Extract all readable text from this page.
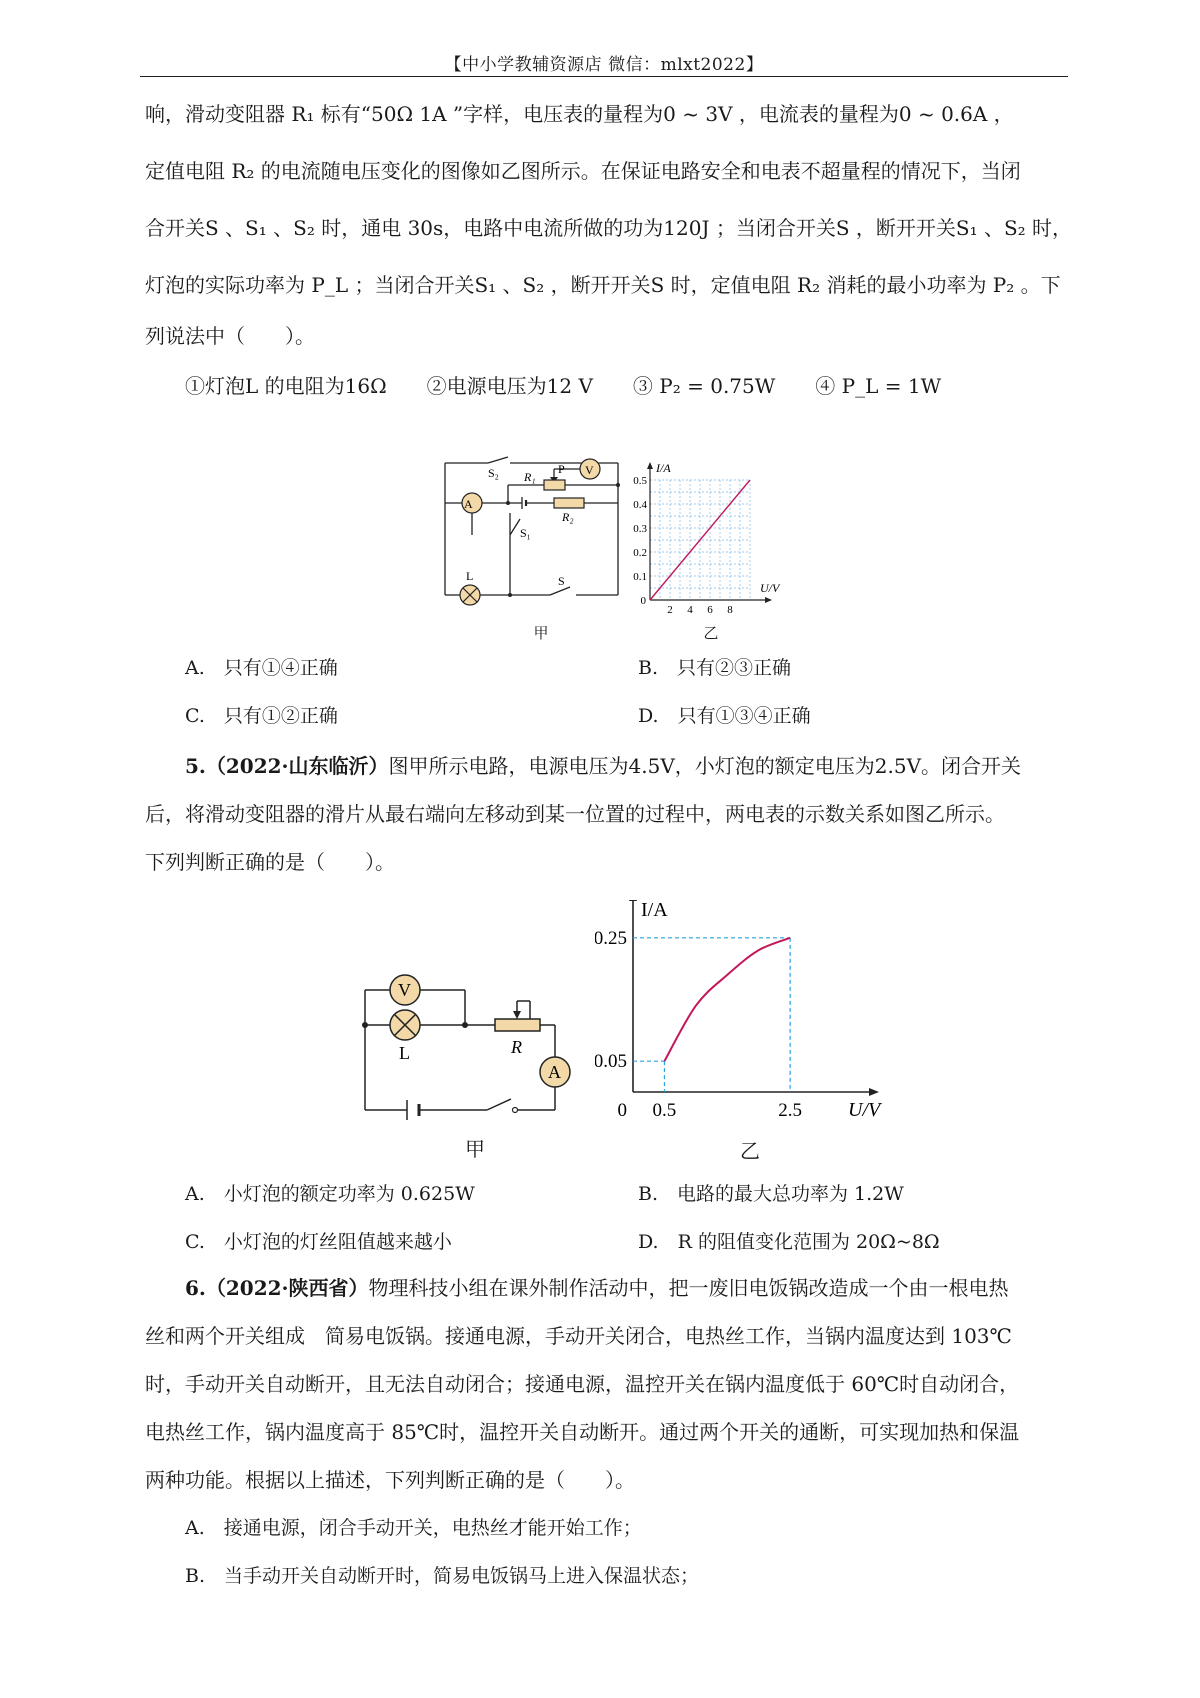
【中小学教辅资源店 微信：mlxt2022】
响，滑动变阻器 R₁ 标有“50Ω 1A ”字样，电压表的量程为0 ~ 3V ，电流表的量程为0 ~ 0.6A ，
定值电阻 R₂ 的电流随电压变化的图像如乙图所示。在保证电路安全和电表不超量程的情况下，当闭
合开关S 、S₁ 、S₂ 时，通电 30s，电路中电流所做的功为120J ；当闭合开关S ，断开开关S₁ 、S₂ 时，
灯泡的实际功率为 P_L ；当闭合开关S₁ 、S₂ ，断开开关S 时，定值电阻 R₂ 消耗的最小功率为 P₂ 。下
列说法中（　　）。
①灯泡L 的电阻为16Ω　　②电源电压为12 V　　③ P₂ = 0.75W　　④ P_L = 1W
A
V
S₂ R₁
P
R₂
L
S₁
S
甲
2 4 6 8
0.1
0.2
0.3
0.4
0.5
0
I/A
U/V
乙
A.　只有①④正确	B.　只有②③正确
C.　只有①②正确	D.　只有①③④正确
5.（2022·山东临沂）图甲所示电路，电源电压为4.5V，小灯泡的额定电压为2.5V。闭合开关
后，将滑动变阻器的滑片从最右端向左移动到某一位置的过程中，两电表的示数关系如图乙所示。
下列判断正确的是（　　）。
V
L	R
A
甲
0.5	2.5
0.05
0.25
0
I/A
U/V
乙
A.　小灯泡的额定功率为 0.625W	B.　电路的最大总功率为 1.2W
C.　小灯泡的灯丝阻值越来越小	D.　R 的阻值变化范围为 20Ω~8Ω
6.（2022·陕西省）物理科技小组在课外制作活动中，把一废旧电饭锅改造成一个由一根电热
丝和两个开关组成　简易电饭锅。接通电源，手动开关闭合，电热丝工作，当锅内温度达到 103℃
时，手动开关自动断开，且无法自动闭合；接通电源，温控开关在锅内温度低于 60℃时自动闭合，
电热丝工作，锅内温度高于 85℃时，温控开关自动断开。通过两个开关的通断，可实现加热和保温
两种功能。根据以上描述，下列判断正确的是（　　）。
A.　接通电源，闭合手动开关，电热丝才能开始工作；
B.　当手动开关自动断开时，简易电饭锅马上进入保温状态；
